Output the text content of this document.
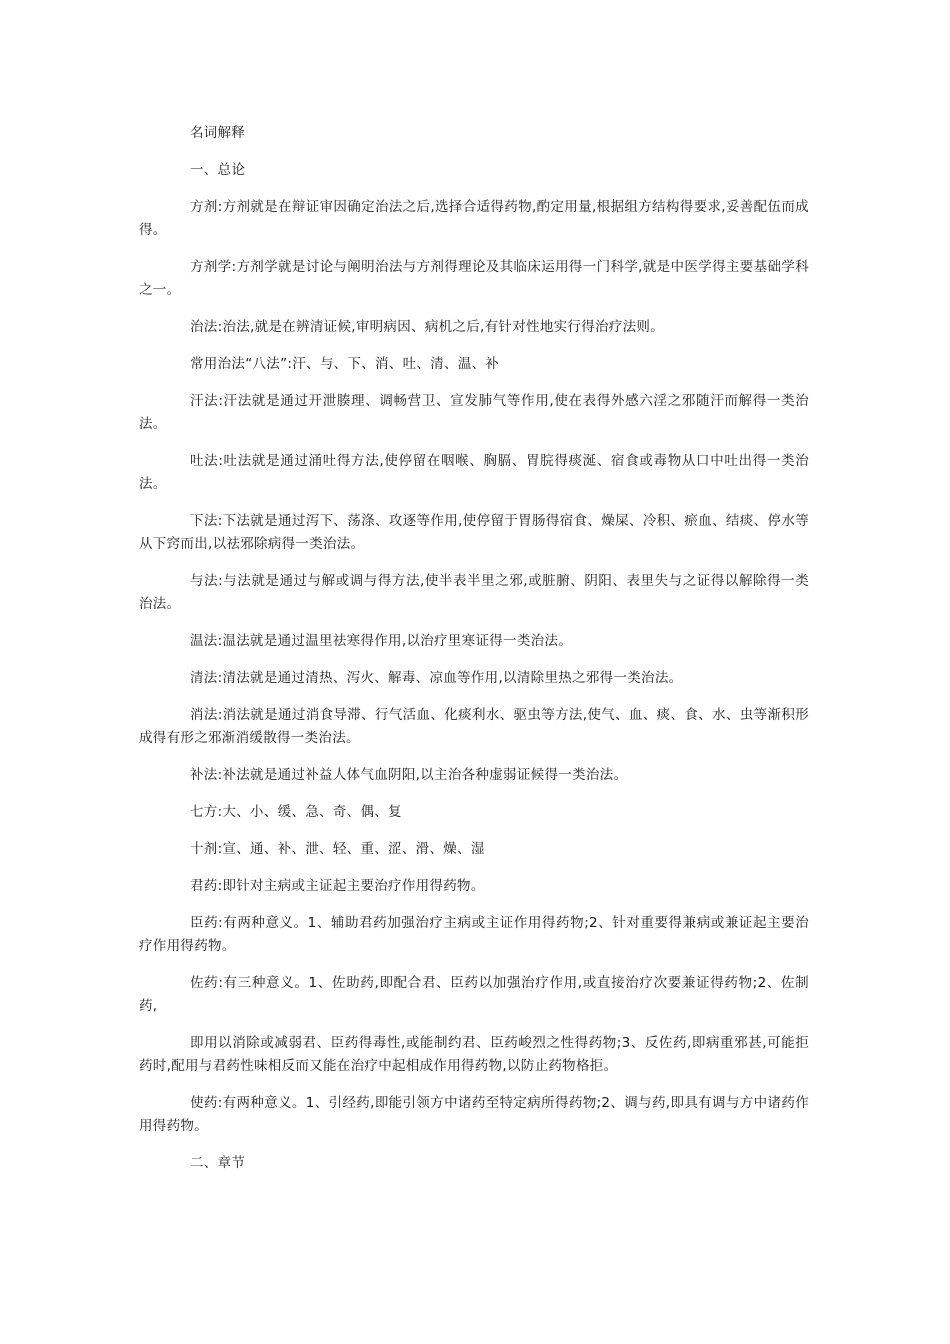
名词解释

一、总论

方剂:方剂就是在辩证审因确定治法之后,选择合适得药物,酌定用量,根据组方结构得要求,妥善配伍而成得。

方剂学:方剂学就是讨论与阐明治法与方剂得理论及其临床运用得一门科学,就是中医学得主要基础学科之一。

治法:治法,就是在辨清证候,审明病因、病机之后,有针对性地实行得治疗法则。

常用治法“八法”:汗、与、下、消、吐、清、温、补

汗法:汗法就是通过开泄腠理、调畅营卫、宣发肺气等作用,使在表得外感六淫之邪随汗而解得一类治法。

吐法:吐法就是通过涌吐得方法,使停留在咽喉、胸膈、胃脘得痰涎、宿食或毒物从口中吐出得一类治法。

下法:下法就是通过泻下、荡涤、攻逐等作用,使停留于胃肠得宿食、燥屎、冷积、瘀血、结痰、停水等从下窍而出,以祛邪除病得一类治法。

与法:与法就是通过与解或调与得方法,使半表半里之邪,或脏腑、阴阳、表里失与之证得以解除得一类治法。

温法:温法就是通过温里祛寒得作用,以治疗里寒证得一类治法。

清法:清法就是通过清热、泻火、解毒、凉血等作用,以清除里热之邪得一类治法。

消法:消法就是通过消食导滞、行气活血、化痰利水、驱虫等方法,使气、血、痰、食、水、虫等渐积形成得有形之邪渐消缓散得一类治法。

补法:补法就是通过补益人体气血阴阳,以主治各种虚弱证候得一类治法。

七方:大、小、缓、急、奇、偶、复

十剂:宣、通、补、泄、轻、重、涩、滑、燥、湿

君药:即针对主病或主证起主要治疗作用得药物。

臣药:有两种意义。1、辅助君药加强治疗主病或主证作用得药物;2、针对重要得兼病或兼证起主要治疗作用得药物。

佐药:有三种意义。1、佐助药,即配合君、臣药以加强治疗作用,或直接治疗次要兼证得药物;2、佐制药,

即用以消除或减弱君、臣药得毒性,或能制约君、臣药峻烈之性得药物;3、反佐药,即病重邪甚,可能拒药时,配用与君药性味相反而又能在治疗中起相成作用得药物,以防止药物格拒。

使药:有两种意义。1、引经药,即能引领方中诸药至特定病所得药物;2、调与药,即具有调与方中诸药作用得药物。

二、章节
